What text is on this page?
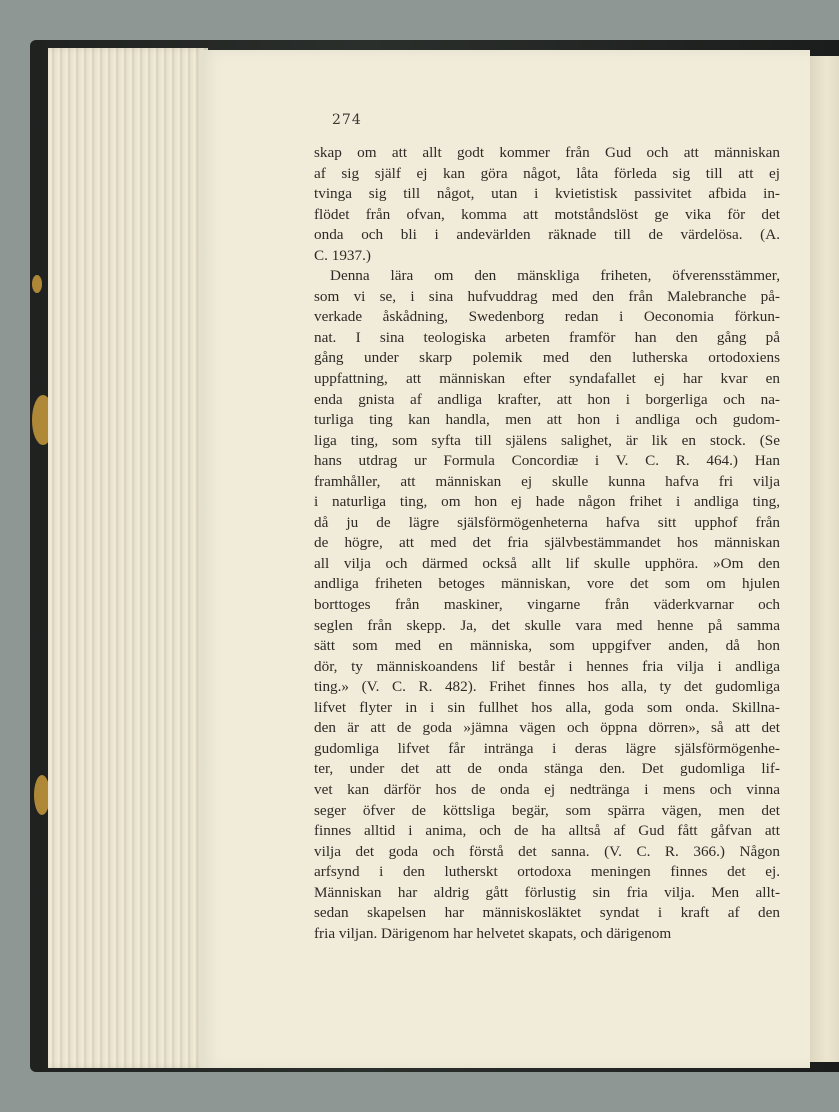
274
skap om att allt godt kommer från Gud och att människan
af sig själf ej kan göra något, låta förleda sig till att ej
tvinga sig till något, utan i kvietistisk passivitet afbida in-
flödet från ofvan, komma att motståndslöst ge vika för det
onda och bli i andevärlden räknade till de värdelösa. (A.
C. 1937.)
Denna lära om den mänskliga friheten, öfverensstämmer,
som vi se, i sina hufvuddrag med den från Malebranche på-
verkade åskådning, Swedenborg redan i Oeconomia förkun-
nat. I sina teologiska arbeten framför han den gång på
gång under skarp polemik med den lutherska ortodoxiens
uppfattning, att människan efter syndafallet ej har kvar en
enda gnista af andliga krafter, att hon i borgerliga och na-
turliga ting kan handla, men att hon i andliga och gudom-
liga ting, som syfta till själens salighet, är lik en stock. (Se
hans utdrag ur Formula Concordiæ i V. C. R. 464.) Han
framhåller, att människan ej skulle kunna hafva fri vilja
i naturliga ting, om hon ej hade någon frihet i andliga ting,
då ju de lägre själsförmögenheterna hafva sitt upphof från
de högre, att med det fria självbestämmandet hos människan
all vilja och därmed också allt lif skulle upphöra. »Om den
andliga friheten betoges människan, vore det som om hjulen
borttoges från maskiner, vingarne från väderkvarnar och
seglen från skepp. Ja, det skulle vara med henne på samma
sätt som med en människa, som uppgifver anden, då hon
dör, ty människoandens lif består i hennes fria vilja i andliga
ting.» (V. C. R. 482). Frihet finnes hos alla, ty det gudomliga
lifvet flyter in i sin fullhet hos alla, goda som onda. Skillna-
den är att de goda »jämna vägen och öppna dörren», så att det
gudomliga lifvet får inträngа i deras lägre själsförmögenhe-
ter, under det att de onda stänga den. Det gudomliga lif-
vet kan därför hos de onda ej nedtränga i mens och vinna
seger öfver de köttsliga begär, som spärra vägen, men det
finnes alltid i anima, och de ha alltså af Gud fått gåfvan att
vilja det goda och förstå det sanna. (V. C. R. 366.) Någon
arfsynd i den lutherskt ortodoxa meningen finnes det ej.
Människan har aldrig gått förlustig sin fria vilja. Men allt-
sedan skapelsen har människosläktet syndat i kraft af den
fria viljan. Därigenom har helvetet skapats, och därigenom
